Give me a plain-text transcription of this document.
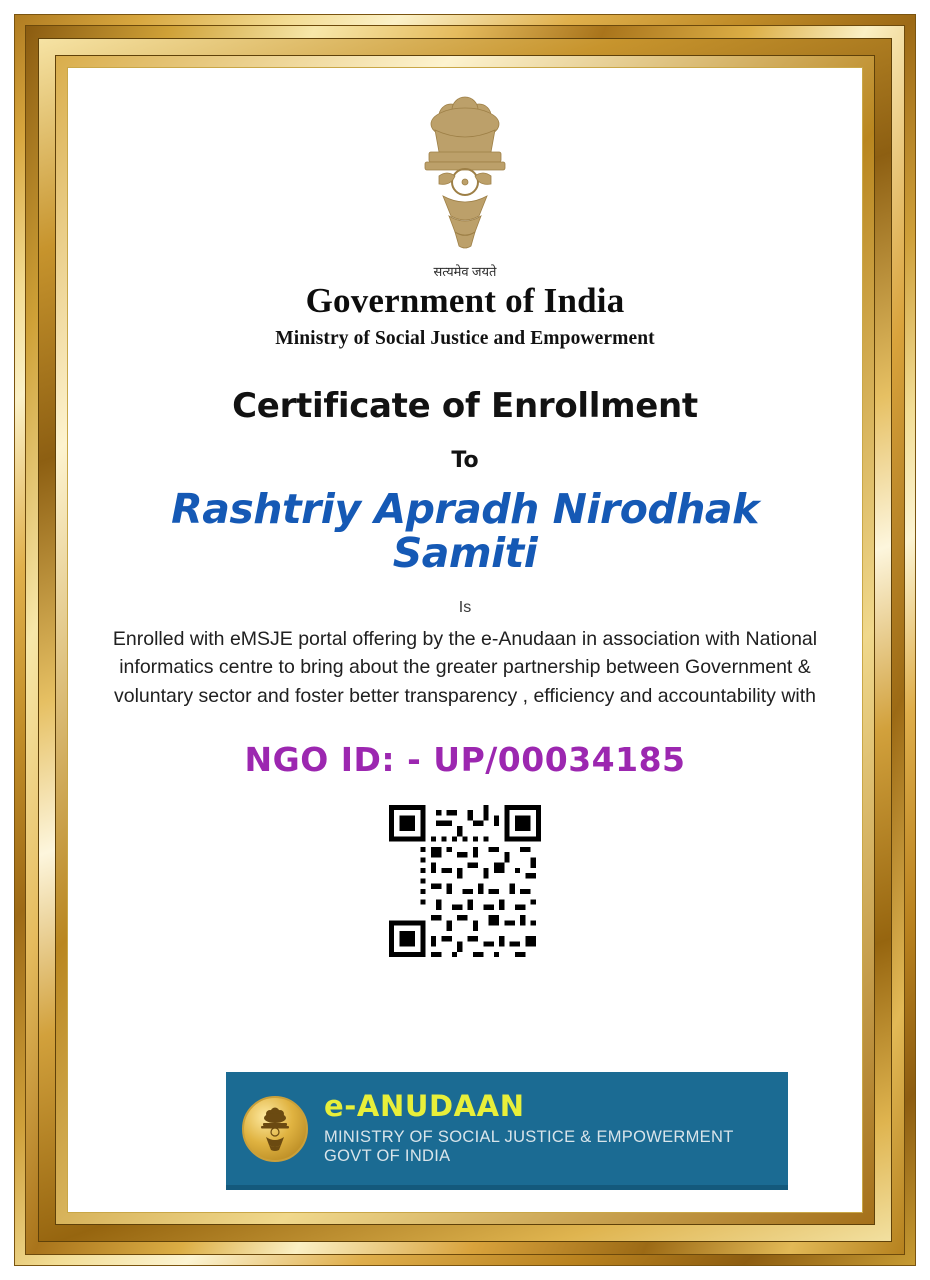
सत्यमेव जयते
Government of India
Ministry of Social Justice and Empowerment
Certificate of Enrollment
To
Rashtriy Apradh Nirodhak Samiti
Is
Enrolled with eMSJE portal offering by the e-Anudaan in association with National informatics centre to bring about the greater partnership between Government & voluntary sector and foster better transparency , efficiency and accountability with
NGO ID: - UP/00034185
e-ANUDAAN
MINISTRY OF SOCIAL JUSTICE & EMPOWERMENT
GOVT OF INDIA
